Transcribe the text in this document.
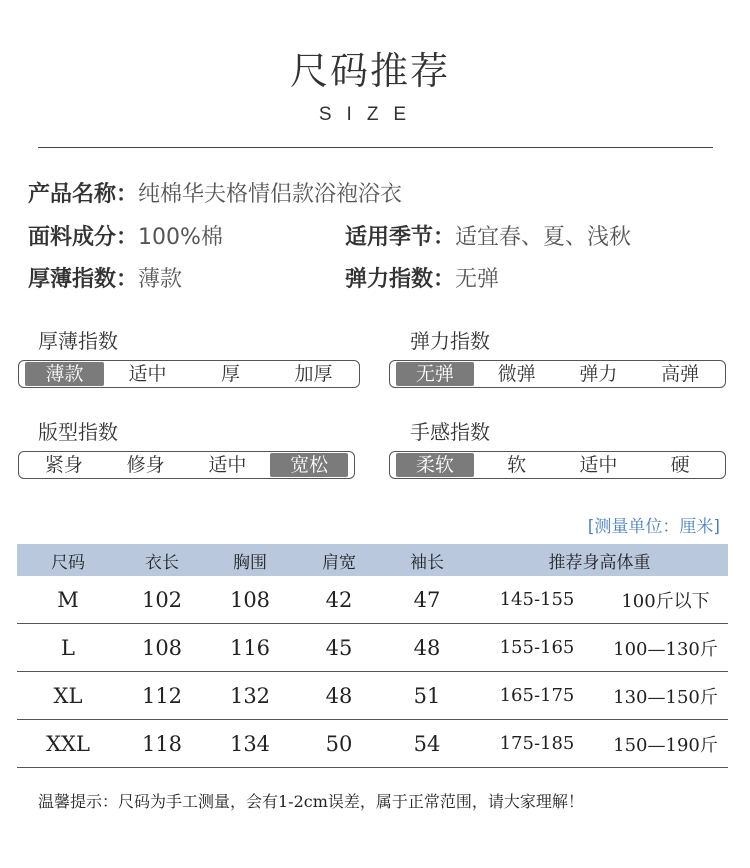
尺码推荐
SIZE
产品名称：纯棉华夫格情侣款浴袍浴衣
面料成分：100%棉	适用季节：适宜春、夏、浅秋
厚薄指数：薄款	弹力指数：无弹
厚薄指数
薄款	适中	厚	加厚
弹力指数
无弹	微弹	弹力	高弹
版型指数
紧身	修身	适中	宽松
手感指数
柔软	软	适中	硬
[测量单位：厘米]
尺码	衣长	胸围	肩宽	袖长	推荐身高体重
M	102	108	42	47	145-155	100斤以下
L	108	116	45	48	155-165	100—130斤
XL	112	132	48	51	165-175	130—150斤
XXL	118	134	50	54	175-185	150—190斤
温馨提示：尺码为手工测量，会有1-2cm误差，属于正常范围，请大家理解！
